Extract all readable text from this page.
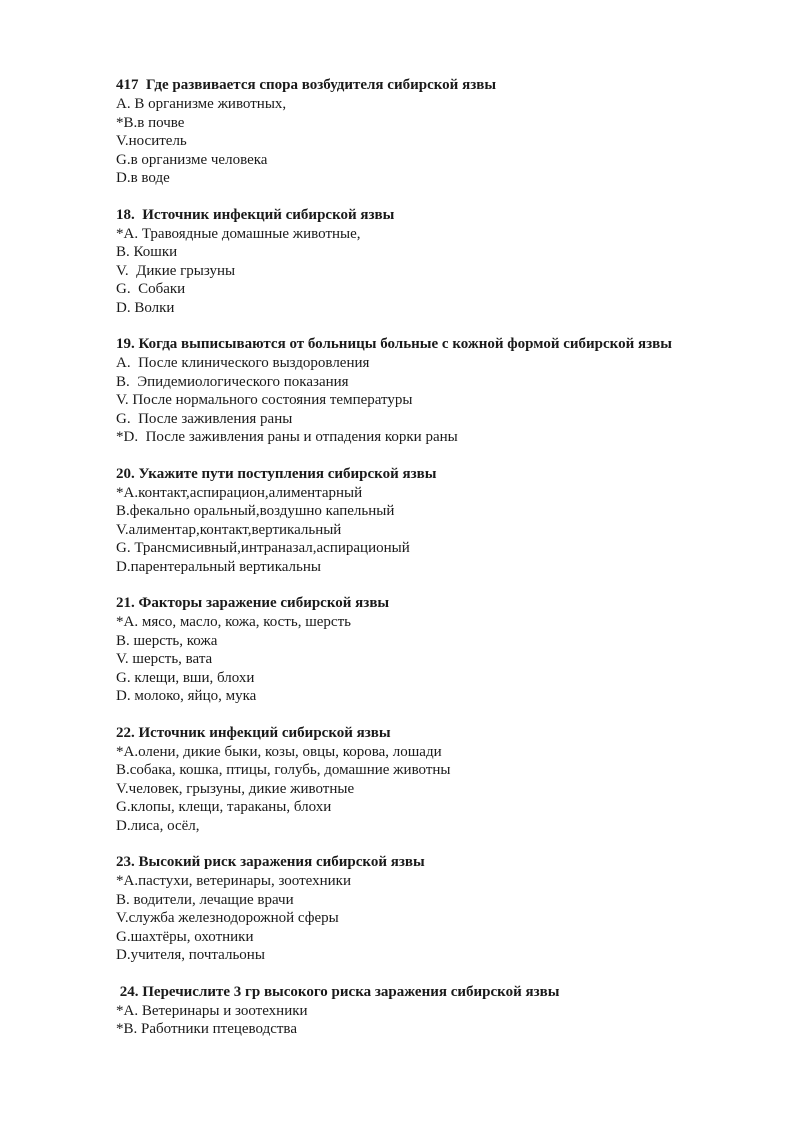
417  Где развивается спора возбудителя сибирской язвы

А. В организме животных,

*B.в почве

V.носитель

G.в организме человека

D.в воде

18.  Источник инфекций сибирской язвы

*A. Травоядные домашные животные,

B. Кошки

V.  Дикие грызуны

G.  Собаки

D. Волки

19. Когда выписываются от больницы больные с кожной формой сибирской язвы

A.  После клинического выздоровления

B.  Эпидемиологического показания

V. После нормального состояния температуры

G.  После заживления раны

*D.  После заживления раны и отпадения корки раны

20. Укажите пути поступления сибирской язвы

*A.контакт,аспирацион,алиментарный

B.фекально оральный,воздушно капельный

V.алиментар,контакт,вертикальный

G. Трансмисивный,интраназал,аспирационый

D.парентеральный вертикальны

21. Факторы заражение сибирской язвы

*A. мясо, масло, кожа, кость, шерсть

B. шерсть, кожа

V. шерсть, вата

G. клещи, вши, блохи

D. молоко, яйцо, мука

22. Источник инфекций сибирской язвы

*A.олени, дикие быки, козы, овцы, корова, лошади

B.собака, кошка, птицы, голубь, домашние животны

V.человек, грызуны, дикие животные

G.клопы, клещи, тараканы, блохи

D.лиса, осёл,

23. Высокий риск заражения сибирской язвы

*A.пастухи, ветеринары, зоотехники

B. водители, лечащие врачи

V.служба железнодорожной сферы

G.шахтёры, охотники

D.учителя, почтальоны

24. Перечислите 3 гр высокого риска заражения сибирской язвы

*A. Ветеринары и зоотехники

*B. Работники птецеводства
